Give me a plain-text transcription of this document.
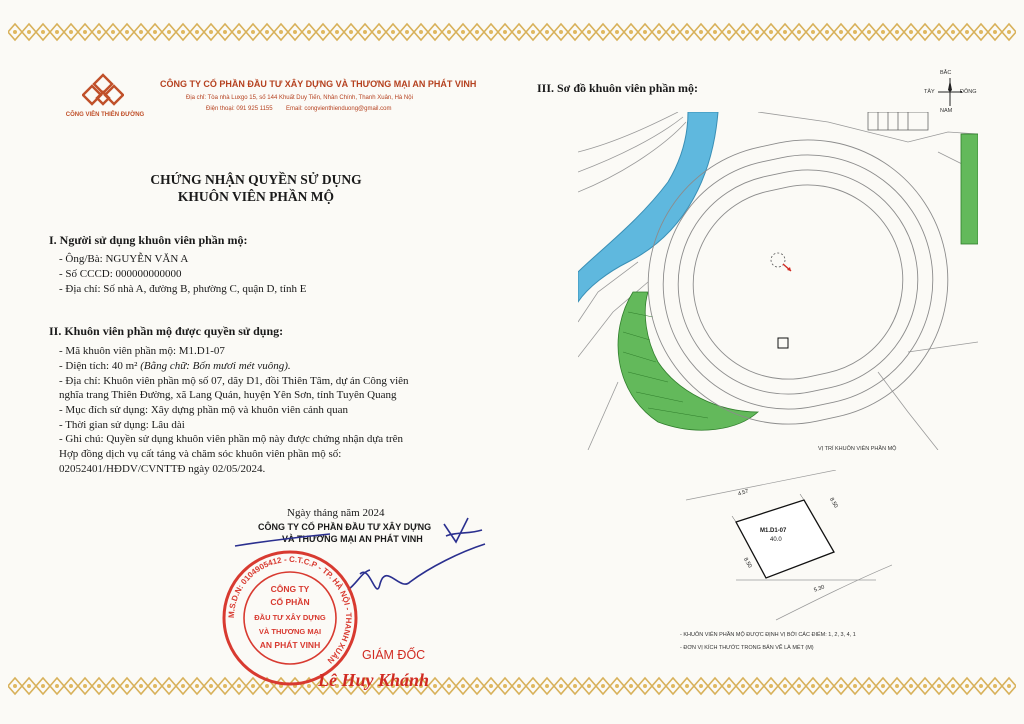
CÔNG VIÊN THIÊN ĐƯỜNG
CÔNG TY CỔ PHẦN ĐẦU TƯ XÂY DỰNG VÀ THƯƠNG MẠI AN PHÁT VINH
Địa chỉ: Tòa nhà Luxgo 15, số 144 Khuất Duy Tiến, Nhân Chính, Thanh Xuân, Hà Nội
Điện thoại: 091 925 1155 Email: congvienthienduong@gmail.com
CHỨNG NHẬN QUYỀN SỬ DỤNG
KHUÔN VIÊN PHẦN MỘ
I. Người sử dụng khuôn viên phần mộ:
- Ông/Bà: NGUYỄN VĂN A
- Số CCCD: 000000000000
- Địa chỉ: Số nhà A, đường B, phường C, quận D, tỉnh E
II. Khuôn viên phần mộ được quyền sử dụng:
- Mã khuôn viên phần mộ: M1.D1-07
- Diện tích: 40 m² (Bằng chữ: Bốn mươi mét vuông).
- Địa chỉ: Khuôn viên phần mộ số 07, dãy D1, đồi Thiên Tâm, dự án Công viên
nghĩa trang Thiên Đường, xã Lang Quán, huyện Yên Sơn, tỉnh Tuyên Quang
- Mục đích sử dụng: Xây dựng phần mộ và khuôn viên cảnh quan
- Thời gian sử dụng: Lâu dài
- Ghi chú: Quyền sử dụng khuôn viên phần mộ này được chứng nhận dựa trên
Hợp đồng dịch vụ cất táng và chăm sóc khuôn viên phần mộ số:
02052401/HĐDV/CVNTTĐ ngày 02/05/2024.
Ngày tháng năm 2024
CÔNG TY CỔ PHẦN ĐẦU TƯ XÂY DỰNG
VÀ THƯƠNG MẠI AN PHÁT VINH
M.S.D.N: 0104905412 - C.T.C.P - TP. HÀ NỘI - THANH XUÂN
CÔNG TY
CỔ PHẦN
ĐẦU TƯ XÂY DỰNG
VÀ THƯƠNG MẠI
AN PHÁT VINH
GIÁM ĐỐC
Lê Huy Khánh
III. Sơ đồ khuôn viên phần mộ:
BẮC
NAM
TÂY	ĐÔNG
VỊ TRÍ KHUÔN VIÊN PHẦN MỘ
M1.D1-07
40.0
4.57
8.50
8.50
5.30
- KHUÔN VIÊN PHẦN MỘ ĐƯỢC ĐỊNH VỊ BỞI CÁC ĐIỂM: 1, 2, 3, 4, 1
- ĐƠN VỊ KÍCH THƯỚC TRONG BẢN VẼ LÀ MÉT (M)
